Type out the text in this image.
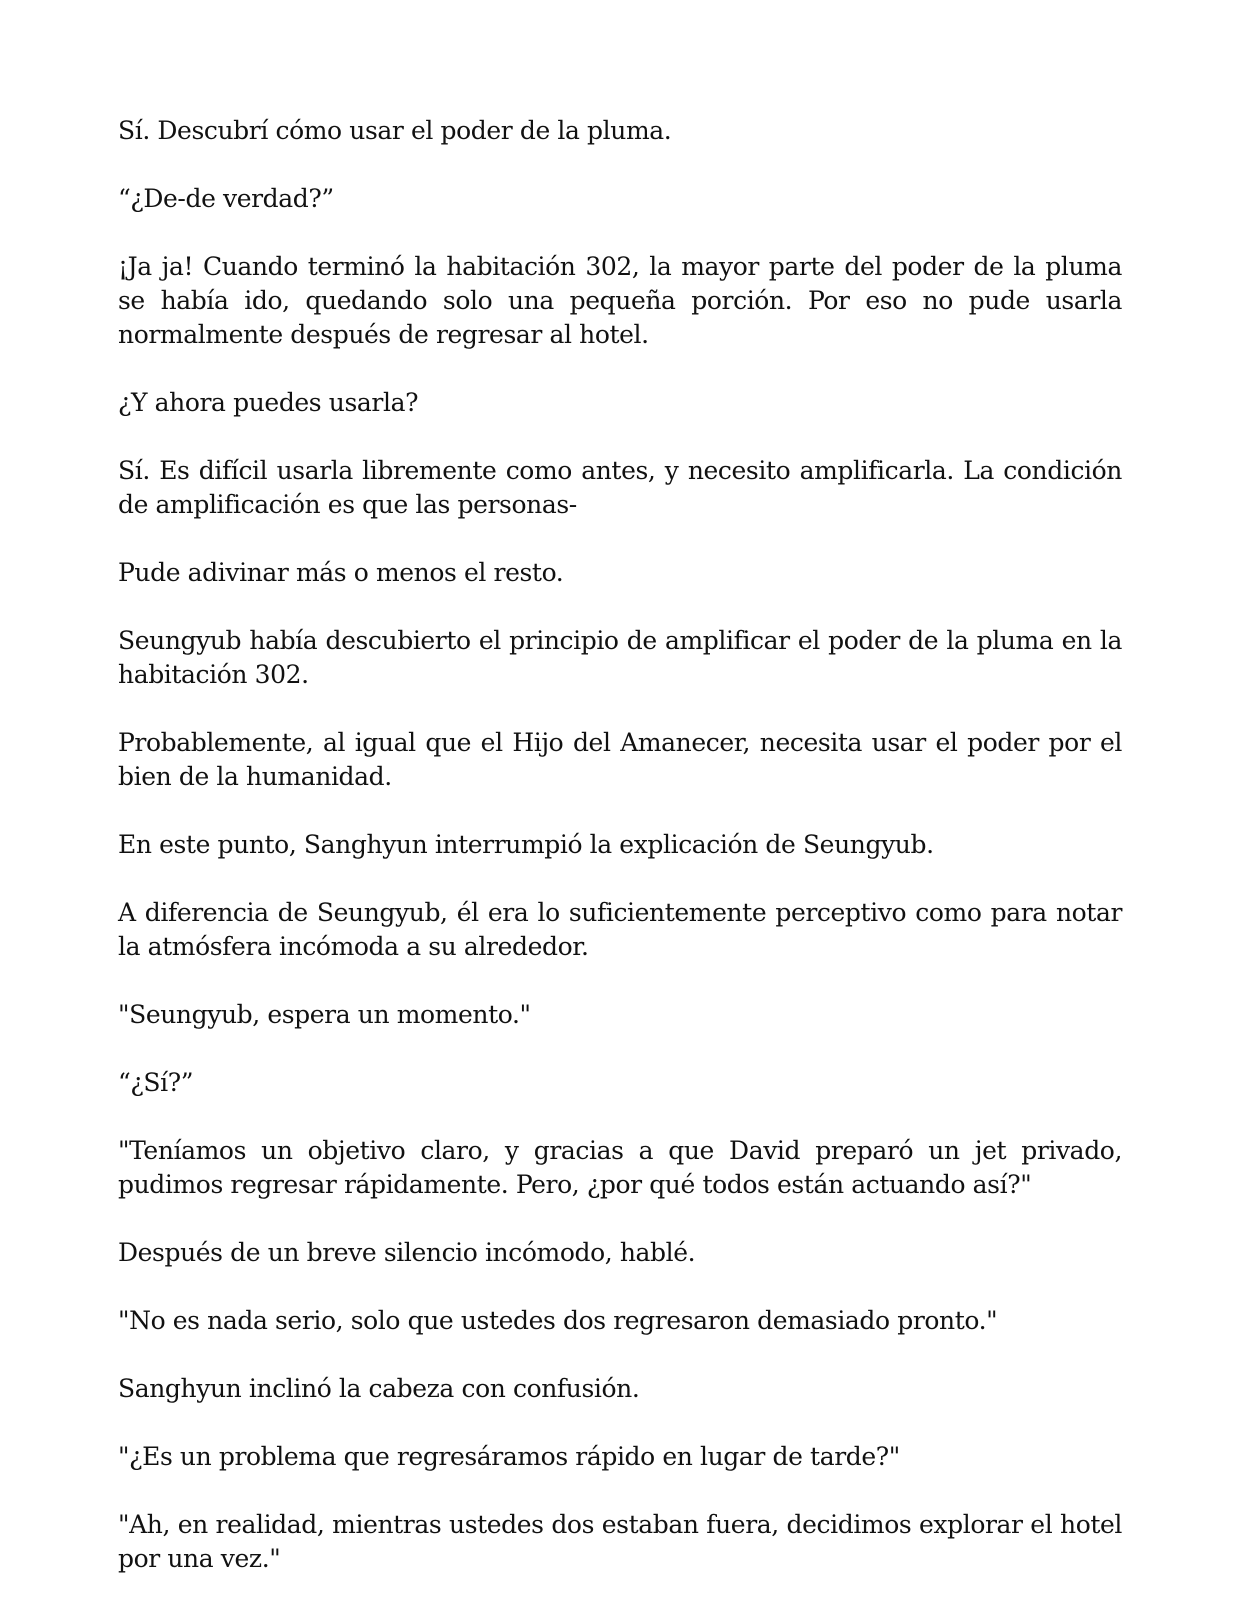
Sí. Descubrí cómo usar el poder de la pluma.

“¿De-de verdad?”

¡Ja ja! Cuando terminó la habitación 302, la mayor parte del poder de la pluma se había ido, quedando solo una pequeña porción. Por eso no pude usarla normalmente después de regresar al hotel.

¿Y ahora puedes usarla?

Sí. Es difícil usarla libremente como antes, y necesito amplificarla. La condición de amplificación es que las personas-

Pude adivinar más o menos el resto.

Seungyub había descubierto el principio de amplificar el poder de la pluma en la habitación 302.

Probablemente, al igual que el Hijo del Amanecer, necesita usar el poder por el bien de la humanidad.

En este punto, Sanghyun interrumpió la explicación de Seungyub.

A diferencia de Seungyub, él era lo suficientemente perceptivo como para notar la atmósfera incómoda a su alrededor.

"Seungyub, espera un momento."

“¿Sí?”

"Teníamos un objetivo claro, y gracias a que David preparó un jet privado, pudimos regresar rápidamente. Pero, ¿por qué todos están actuando así?"

Después de un breve silencio incómodo, hablé.

"No es nada serio, solo que ustedes dos regresaron demasiado pronto."

Sanghyun inclinó la cabeza con confusión.

"¿Es un problema que regresáramos rápido en lugar de tarde?"

"Ah, en realidad, mientras ustedes dos estaban fuera, decidimos explorar el hotel por una vez."
